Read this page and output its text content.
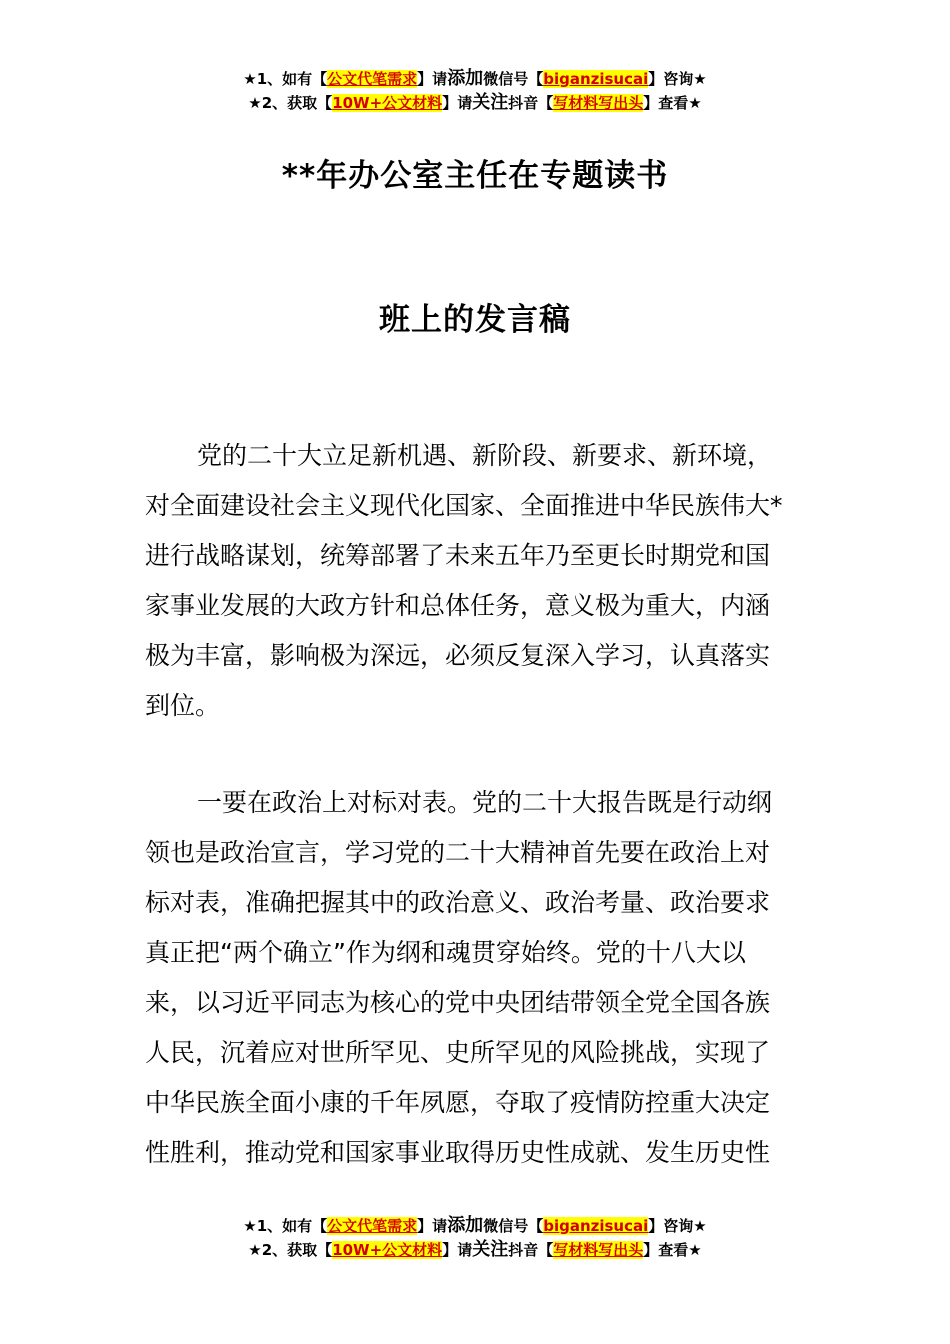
★1、如有【公文代笔需求】请添加微信号【biganzisucai】咨询★
★2、获取【10W+公文材料】请关注抖音【写材料写出头】查看★
**年办公室主任在专题读书
班上的发言稿
党的二十大立足新机遇、新阶段、新要求、新环境，
对全面建设社会主义现代化国家、全面推进中华民族伟大*
进行战略谋划，统筹部署了未来五年乃至更长时期党和国
家事业发展的大政方针和总体任务，意义极为重大，内涵
极为丰富，影响极为深远，必须反复深入学习，认真落实
到位。
一要在政治上对标对表。党的二十大报告既是行动纲
领也是政治宣言，学习党的二十大精神首先要在政治上对
标对表，准确把握其中的政治意义、政治考量、政治要求
真正把“两个确立”作为纲和魂贯穿始终。党的十八大以
来，以习近平同志为核心的党中央团结带领全党全国各族
人民，沉着应对世所罕见、史所罕见的风险挑战，实现了
中华民族全面小康的千年夙愿，夺取了疫情防控重大决定
性胜利，推动党和国家事业取得历史性成就、发生历史性
★1、如有【公文代笔需求】请添加微信号【biganzisucai】咨询★
★2、获取【10W+公文材料】请关注抖音【写材料写出头】查看★
